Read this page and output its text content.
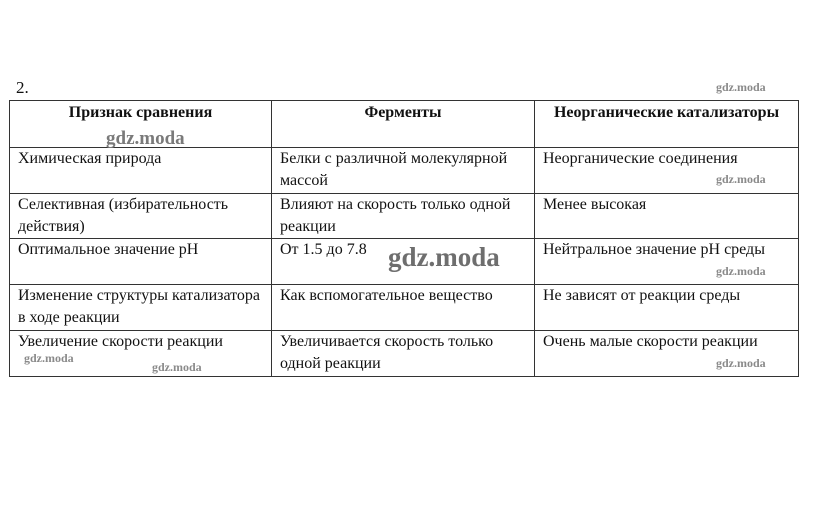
2.
Признак сравнения	Ферменты	Неорганические катализаторы
Химическая природа	Белки с различной молекулярной массой	Неорганические соединения
Селективная (избирательность действия)	Влияют на скорость только одной реакции	Менее высокая
Оптимальное значение pH	От 1.5 до 7.8	Нейтральное значение pH среды
Изменение структуры катализатора в ходе реакции	Как вспомогательное вещество	Не зависят от реакции среды
Увеличение скорости реакции	Увеличивается скорость только одной реакции	Очень малые скорости реакции
gdz.moda
gdz.moda
gdz.moda
gdz.moda	gdz.moda
gdz.moda
gdz.moda	gdz.moda
